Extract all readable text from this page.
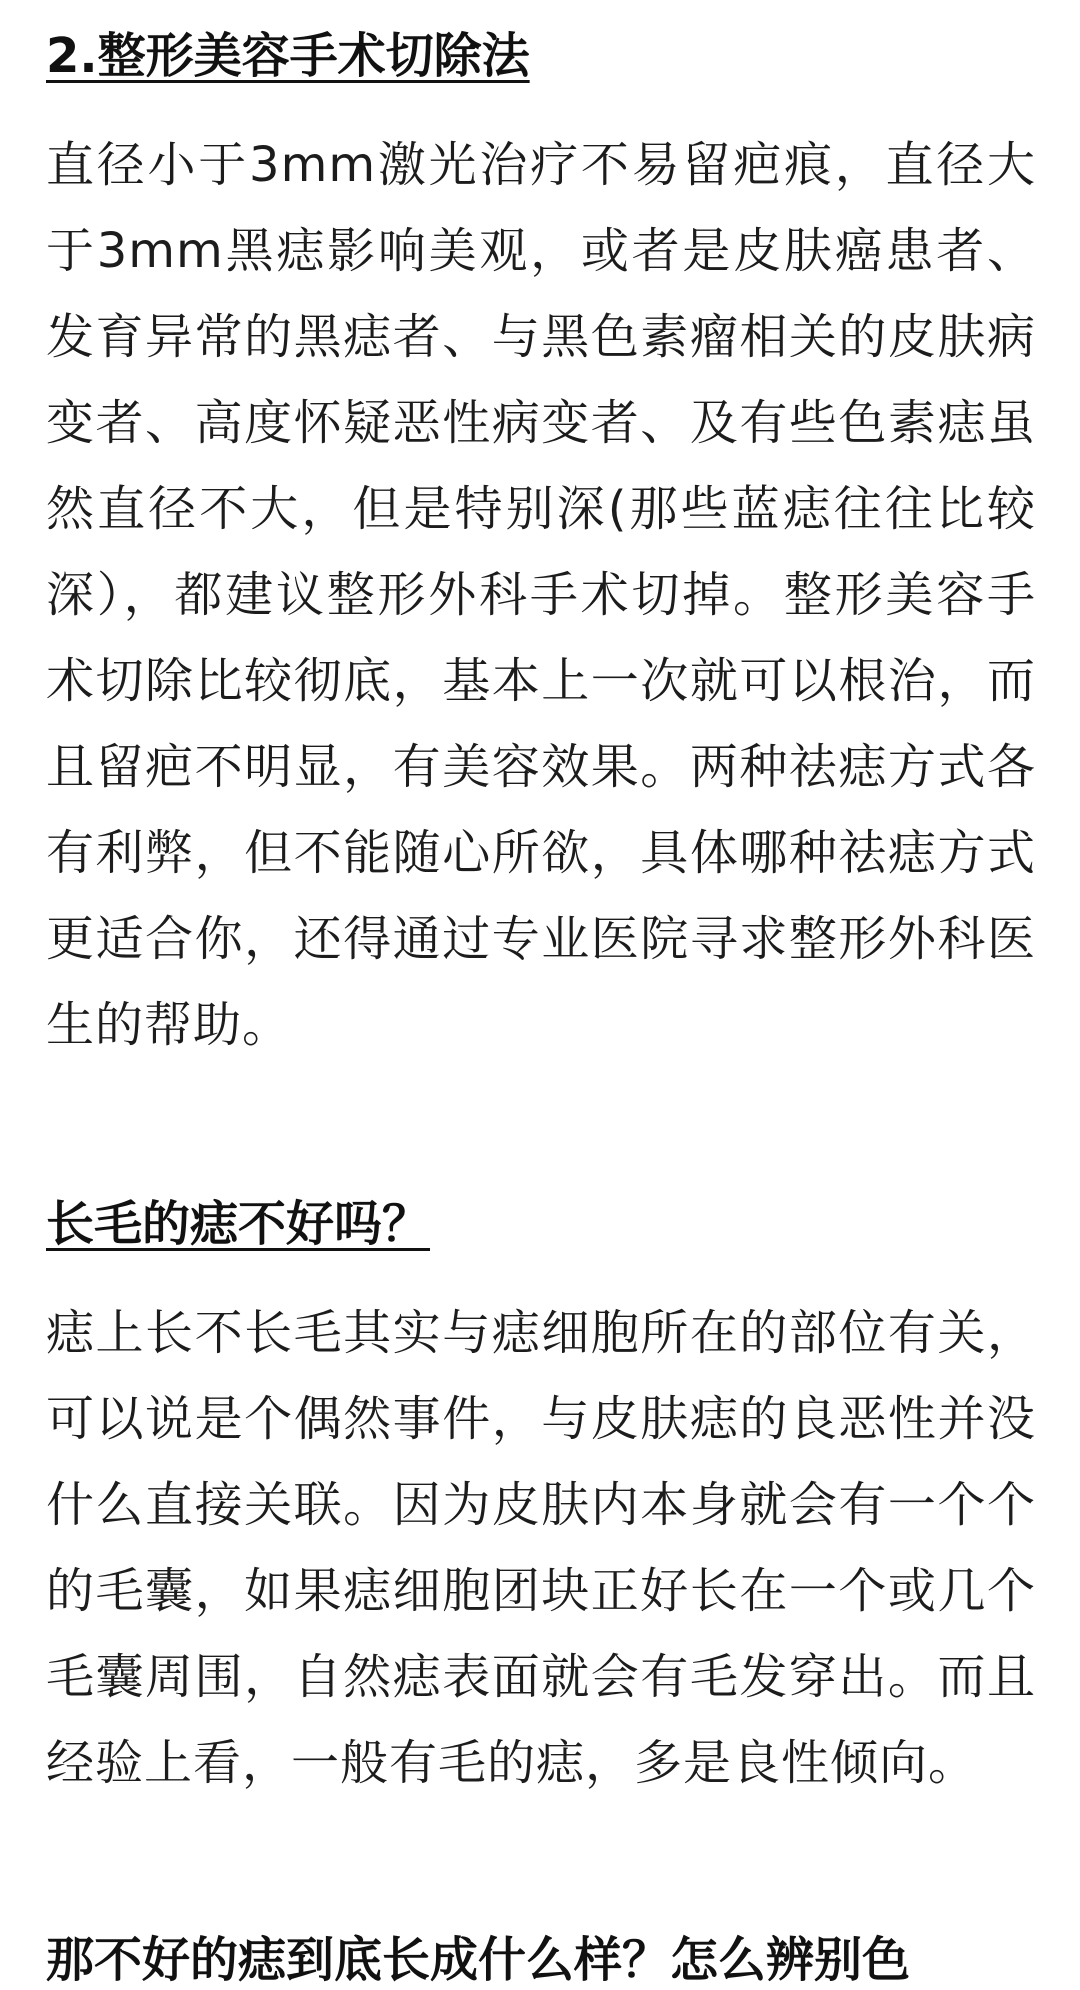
2.整形美容手术切除法

直径小于3mm激光治疗不易留疤痕，直径大于3mm黑痣影响美观，或者是皮肤癌患者、发育异常的黑痣者、与黑色素瘤相关的皮肤病变者、高度怀疑恶性病变者、及有些色素痣虽然直径不大，但是特别深(那些蓝痣往往比较深），都建议整形外科手术切掉。整形美容手术切除比较彻底，基本上一次就可以根治，而且留疤不明显，有美容效果。两种祛痣方式各有利弊，但不能随心所欲，具体哪种祛痣方式更适合你，还得通过专业医院寻求整形外科医生的帮助。

长毛的痣不好吗？

痣上长不长毛其实与痣细胞所在的部位有关，可以说是个偶然事件，与皮肤痣的良恶性并没什么直接关联。因为皮肤内本身就会有一个个的毛囊，如果痣细胞团块正好长在一个或几个毛囊周围，自然痣表面就会有毛发穿出。而且经验上看，一般有毛的痣，多是良性倾向。

那不好的痣到底长成什么样？怎么辨别色
